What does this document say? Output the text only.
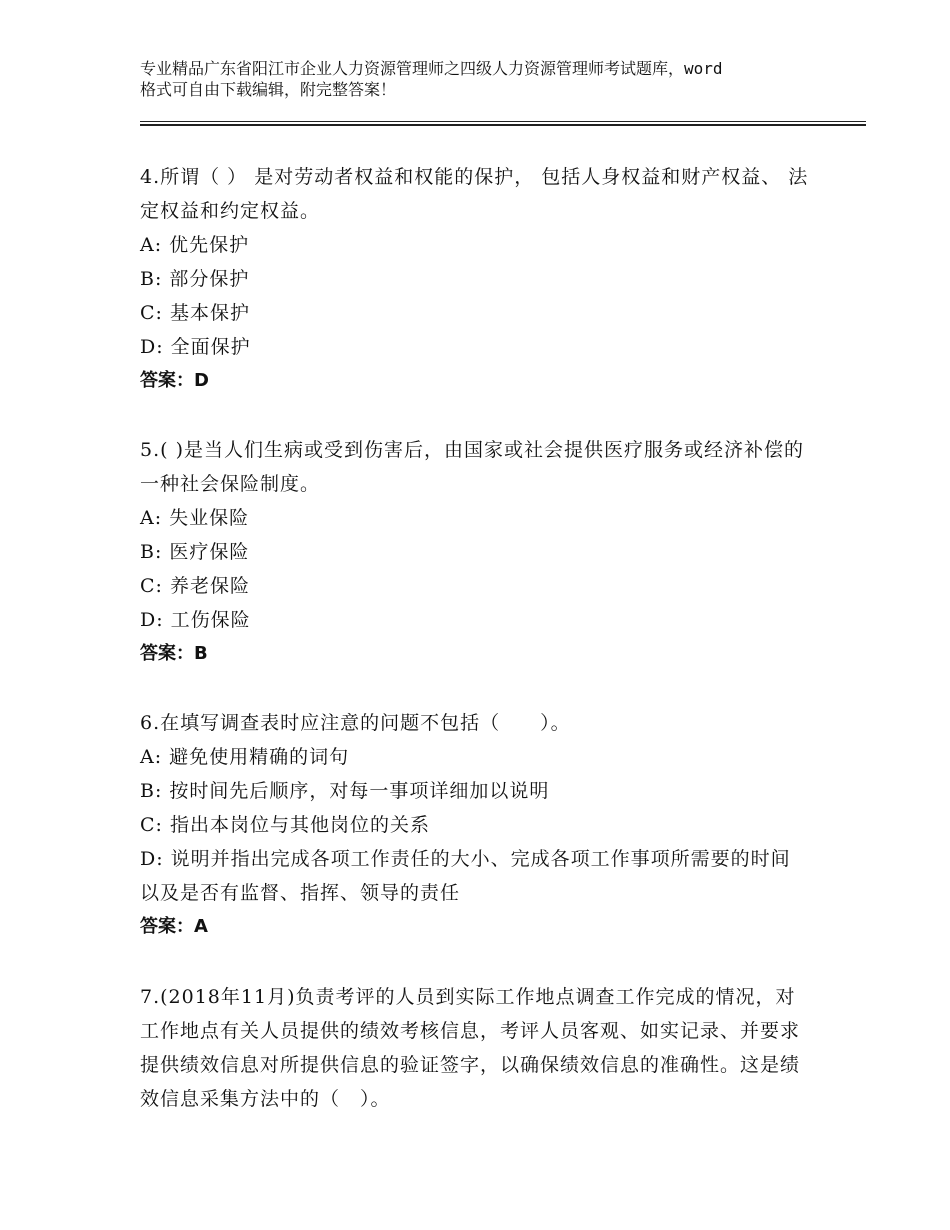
专业精品广东省阳江市企业人力资源管理师之四级人力资源管理师考试题库，word
格式可自由下载编辑，附完整答案！

4.所谓（ ） 是对劳动者权益和权能的保护， 包括人身权益和财产权益、 法定权益和约定权益。

A: 优先保护
B: 部分保护
C: 基本保护
D: 全面保护

答案：D

5.( )是当人们生病或受到伤害后，由国家或社会提供医疗服务或经济补偿的一种社会保险制度。

A: 失业保险
B: 医疗保险
C: 养老保险
D: 工伤保险

答案：B

6.在填写调查表时应注意的问题不包括（　　）。

A: 避免使用精确的词句
B: 按时间先后顺序，对每一事项详细加以说明
C: 指出本岗位与其他岗位的关系
D: 说明并指出完成各项工作责任的大小、完成各项工作事项所需要的时间以及是否有监督、指挥、领导的责任

答案：A

7.(2018年11月)负责考评的人员到实际工作地点调查工作完成的情况，对工作地点有关人员提供的绩效考核信息，考评人员客观、如实记录、并要求提供绩效信息对所提供信息的验证签字，以确保绩效信息的准确性。这是绩效信息采集方法中的（　）。
